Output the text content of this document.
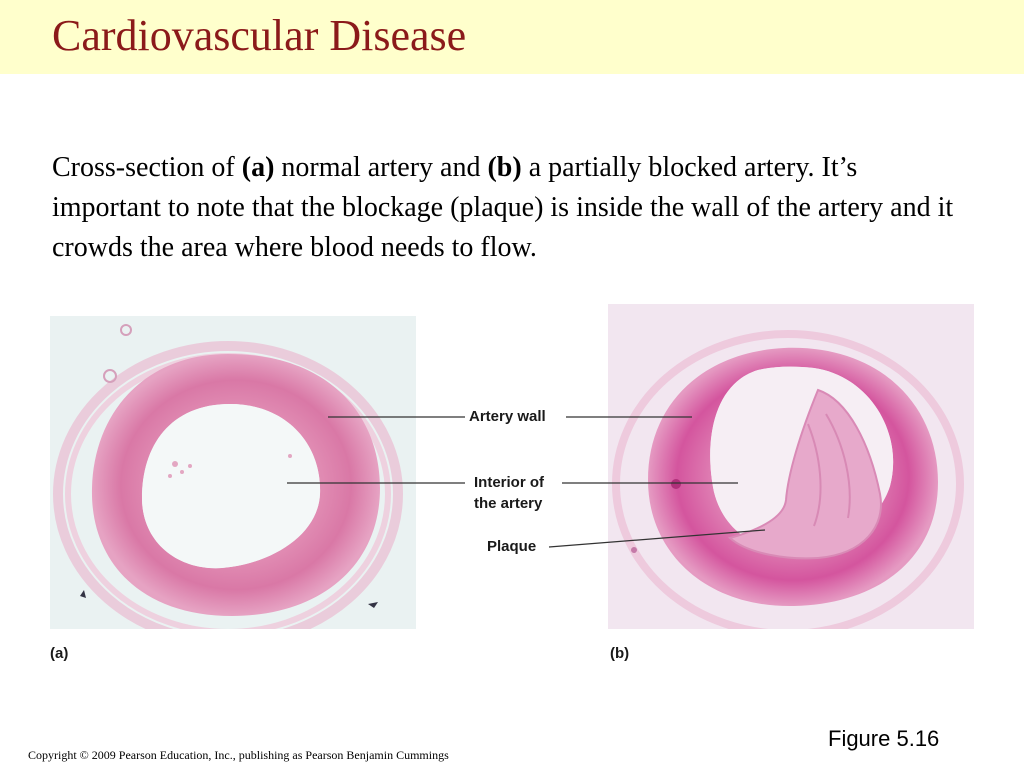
Cardiovascular Disease
Cross-section of (a) normal artery and (b) a partially blocked artery. It’s important to note that the blockage (plaque) is inside the wall of the artery and it crowds the area where blood needs to flow.
Artery wall
Interior of
the artery
Plaque
(a)	(b)
Figure 5.16
Copyright © 2009 Pearson Education, Inc., publishing as Pearson Benjamin Cummings
